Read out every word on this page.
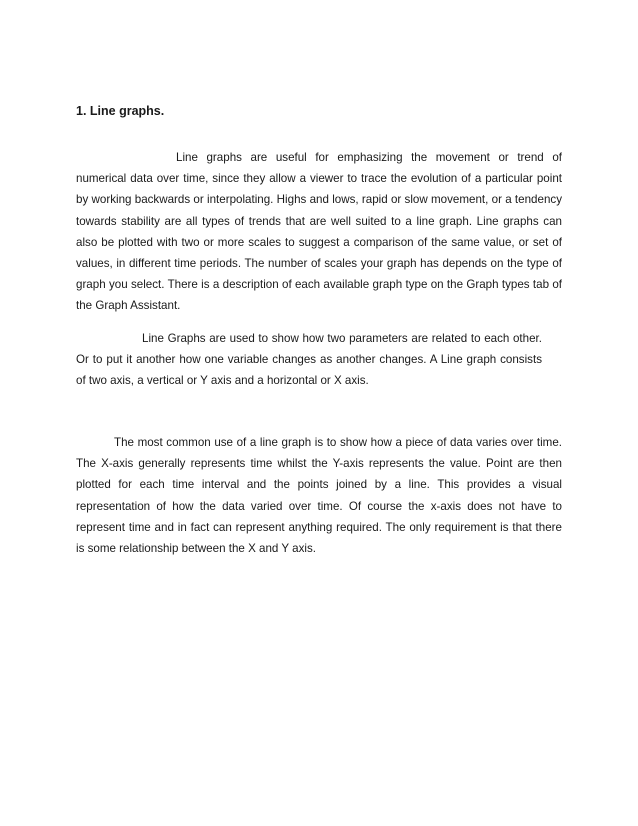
1. Line graphs.

Line graphs are useful for emphasizing the movement or trend of numerical data over time, since they allow a viewer to trace the evolution of a particular point by working backwards or interpolating. Highs and lows, rapid or slow movement, or a tendency towards stability are all types of trends that are well suited to a line graph. Line graphs can also be plotted with two or more scales to suggest a comparison of the same value, or set of values, in different time periods. The number of scales your graph has depends on the type of graph you select. There is a description of each available graph type on the Graph types tab of the Graph Assistant.

Line Graphs are used to show how two parameters are related to each other. Or to put it another how one variable changes as another changes. A Line graph consists of two axis, a vertical or Y axis and a horizontal or X axis.

The most common use of a line graph is to show how a piece of data varies over time. The X-axis generally represents time whilst the Y-axis represents the value. Point are then plotted for each time interval and the points joined by a line. This provides a visual representation of how the data varied over time. Of course the x-axis does not have to represent time and in fact can represent anything required. The only requirement is that there is some relationship between the X and Y axis.
